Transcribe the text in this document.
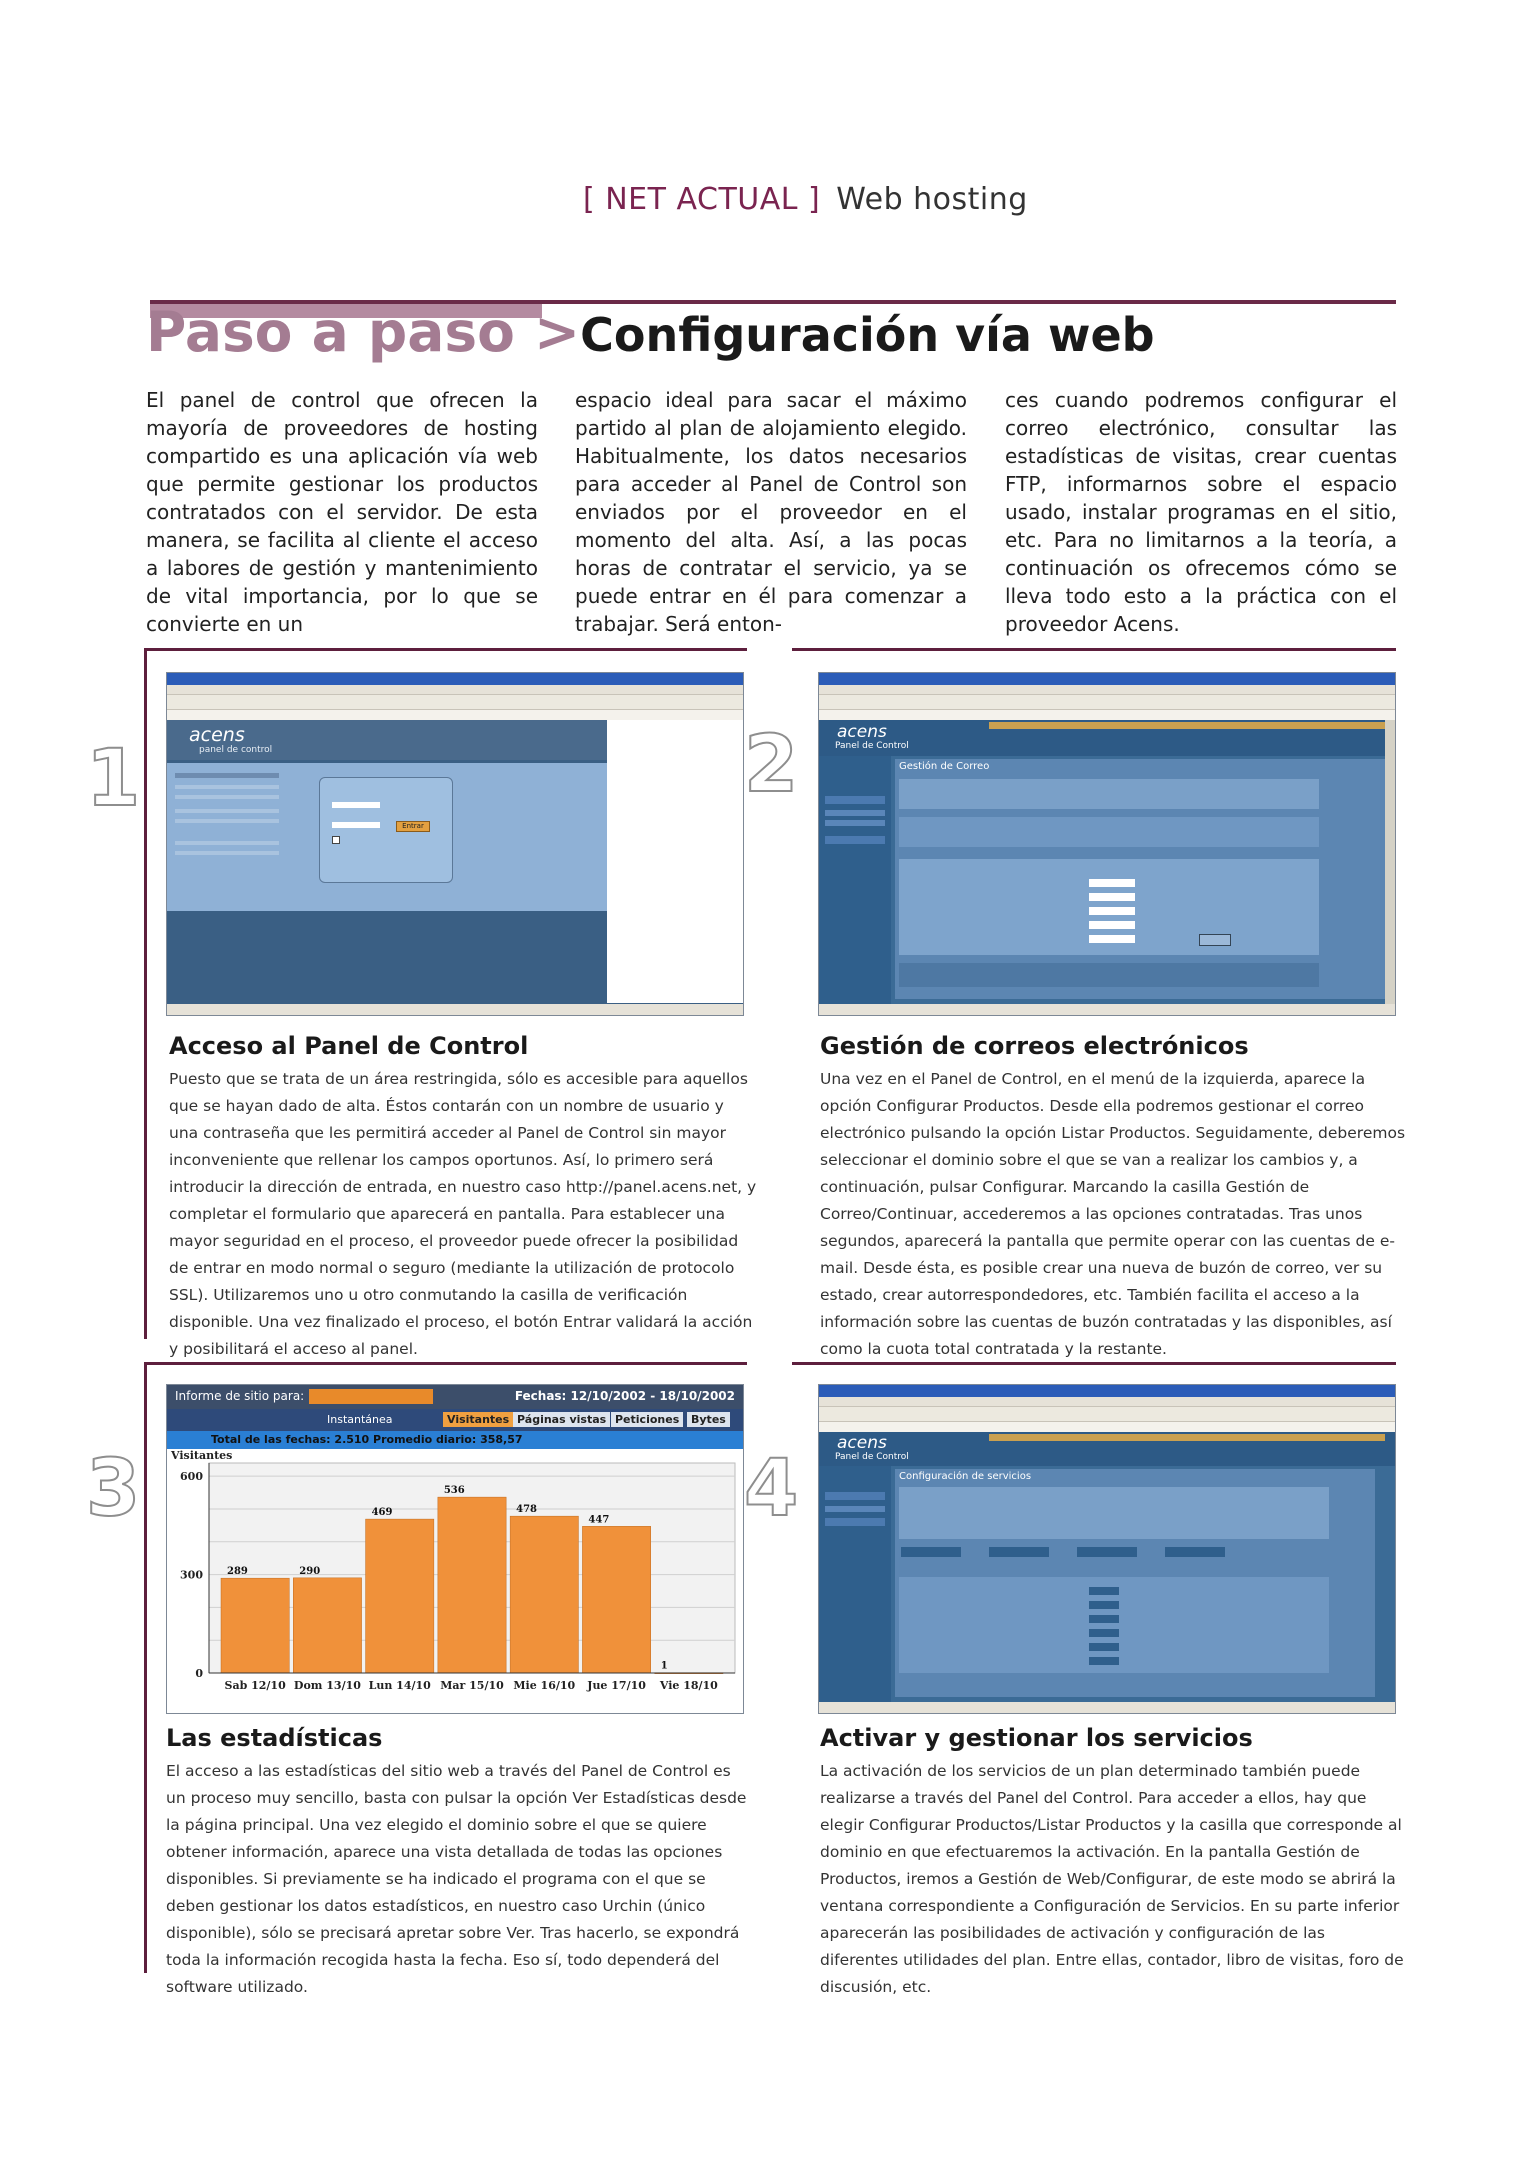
[ NET ACTUAL ] Web hosting
Paso a paso >Configuración vía web

El panel de control que ofrecen la mayoría de proveedores de hosting compartido es una aplicación vía web que permite gestionar los productos contratados con el servidor. De esta manera, se facilita al cliente el acceso a labores de gestión y mantenimiento de vital importancia, por lo que se convierte en un

espacio ideal para sacar el máximo partido al plan de alojamiento elegido. Habitualmente, los datos necesarios para acceder al Panel de Control son enviados por el proveedor en el momento del alta. Así, a las pocas horas de contratar el servicio, ya se puede entrar en él para comenzar a trabajar. Será enton-

ces cuando podremos configurar el correo electrónico, consultar las estadísticas de visitas, crear cuentas FTP, informarnos sobre el espacio usado, instalar programas en el sitio, etc. Para no limitarnos a la teoría, a continuación os ofrecemos cómo se lleva todo esto a la práctica con el proveedor Acens.

1	acens
panel de control
Entrar
Acceso al Panel de Control

Puesto que se trata de un área restringida, sólo es accesible para aquellos que se hayan dado de alta. Éstos contarán con un nombre de usuario y una contraseña que les permitirá acceder al Panel de Control sin mayor inconveniente que rellenar los campos oportunos. Así, lo primero será introducir la dirección de entrada, en nuestro caso http://panel.acens.net, y completar el formulario que aparecerá en pantalla. Para establecer una mayor seguridad en el proceso, el proveedor puede ofrecer la posibilidad de entrar en modo normal o seguro (mediante la utilización de protocolo SSL). Utilizaremos uno u otro conmutando la casilla de verificación disponible. Una vez finalizado el proceso, el botón Entrar validará la acción y posibilitará el acceso al panel.

2 acens
Panel de Control
Gestión de Correo
Gestión de correos electrónicos

Una vez en el Panel de Control, en el menú de la izquierda, aparece la opción Configurar Productos. Desde ella podremos gestionar el correo electrónico pulsando la opción Listar Productos. Seguidamente, deberemos seleccionar el dominio sobre el que se van a realizar los cambios y, a continuación, pulsar Configurar. Marcando la casilla Gestión de Correo/Continuar, accederemos a las opciones contratadas. Tras unos segundos, aparecerá la pantalla que permite operar con las cuentas de e-mail. Desde ésta, es posible crear una nueva de buzón de correo, ver su estado, crear autorrespondedores, etc. También facilita el acceso a la información sobre las cuentas de buzón contratadas y las disponibles, así como la cuota total contratada y la restante.

3
Informe de sitio para:	Fechas: 12/10/2002 - 18/10/2002
Instantánea	Visitantes Páginas vistas Peticiones	Bytes
Total de las fechas: 2.510 Promedio diario: 358,57
Visitantes
0
300
600
289
Sab 12/10
290
Dom 13/10
469
Lun 14/10
536
Mar 15/10
478
Mie 16/10
447
Jue 17/10
1
Vie 18/10
Las estadísticas

El acceso a las estadísticas del sitio web a través del Panel de Control es un proceso muy sencillo, basta con pulsar la opción Ver Estadísticas desde la página principal. Una vez elegido el dominio sobre el que se quiere obtener información, aparece una vista detallada de todas las opciones disponibles. Si previamente se ha indicado el programa con el que se deben gestionar los datos estadísticos, en nuestro caso Urchin (único disponible), sólo se precisará apretar sobre Ver. Tras hacerlo, se expondrá toda la información recogida hasta la fecha. Eso sí, todo dependerá del software utilizado.

4
acens
Panel de Control
Configuración de servicios
Activar y gestionar los servicios

La activación de los servicios de un plan determinado también puede realizarse a través del Panel del Control. Para acceder a ellos, hay que elegir Configurar Productos/Listar Productos y la casilla que corresponde al dominio en que efectuaremos la activación. En la pantalla Gestión de Productos, iremos a Gestión de Web/Configurar, de este modo se abrirá la ventana correspondiente a Configuración de Servicios. En su parte inferior aparecerán las posibilidades de activación y configuración de las diferentes utilidades del plan. Entre ellas, contador, libro de visitas, foro de discusión, etc.
